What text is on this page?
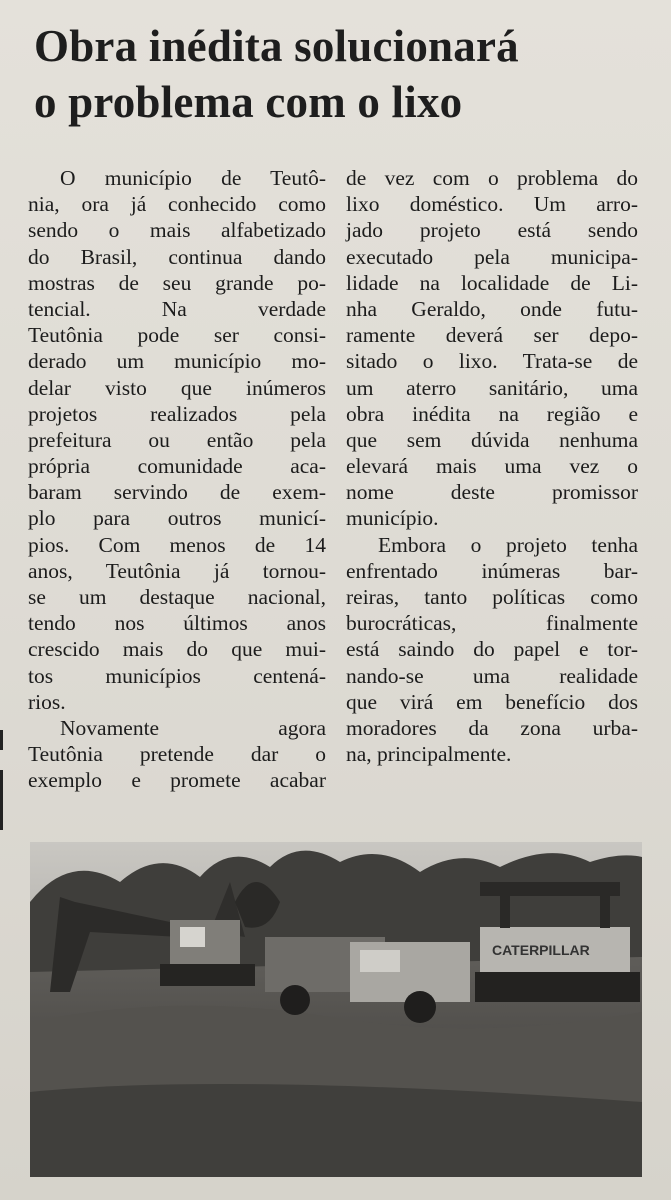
Obra inédita solucionará
o problema com o lixo
O município de Teutô-
nia, ora já conhecido como
sendo o mais alfabetizado
do Brasil, continua dando
mostras de seu grande po-
tencial. Na verdade
Teutônia pode ser consi-
derado um município mo-
delar visto que inúmeros
projetos realizados pela
prefeitura ou então pela
própria comunidade aca-
baram servindo de exem-
plo para outros municí-
pios. Com menos de 14
anos, Teutônia já tornou-
se um destaque nacional,
tendo nos últimos anos
crescido mais do que mui-
tos municípios centená-
rios.
Novamente agora
Teutônia pretende dar o
exemplo e promete acabar
de vez com o problema do
lixo doméstico. Um arro-
jado projeto está sendo
executado pela municipa-
lidade na localidade de Li-
nha Geraldo, onde futu-
ramente deverá ser depo-
sitado o lixo. Trata-se de
um aterro sanitário, uma
obra inédita na região e
que sem dúvida nenhuma
elevará mais uma vez o
nome deste promissor
município.
Embora o projeto tenha
enfrentado inúmeras bar-
reiras, tanto políticas como
burocráticas, finalmente
está saindo do papel e tor-
nando-se uma realidade
que virá em benefício dos
moradores da zona urba-
na, principalmente.
CATERPILLAR
